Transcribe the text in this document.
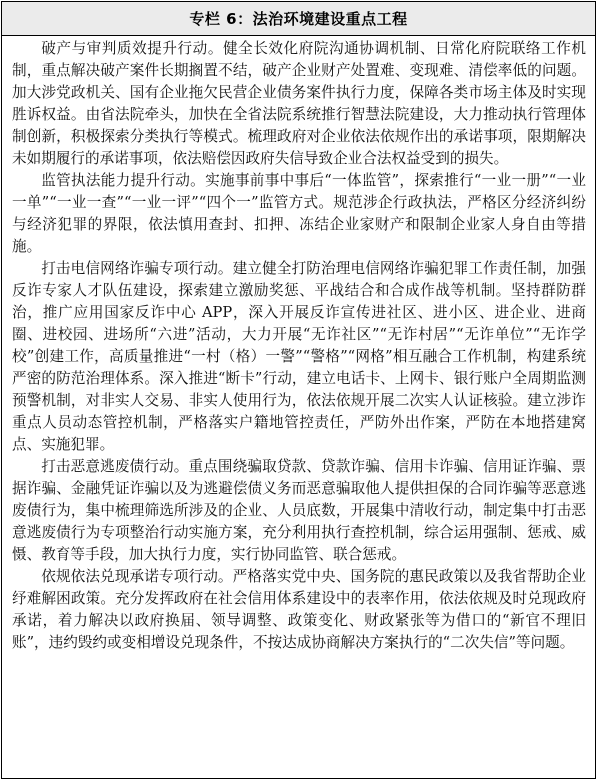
专栏 6：法治环境建设重点工程

破产与审判质效提升行动。健全长效化府院沟通协调机制、日常化府院联络工作机制，重点解决破产案件长期搁置不结，破产企业财产处置难、变现难、清偿率低的问题。加大涉党政机关、国有企业拖欠民营企业债务案件执行力度，保障各类市场主体及时实现胜诉权益。由省法院牵头，加快在全省法院系统推行智慧法院建设，大力推动执行管理体制创新，积极探索分类执行等模式。梳理政府对企业依法依规作出的承诺事项，限期解决未如期履行的承诺事项，依法赔偿因政府失信导致企业合法权益受到的损失。

监管执法能力提升行动。实施事前事中事后“一体监管”，探索推行“一业一册”“一业一单”“一业一查”“一业一评”“四个一”监管方式。规范涉企行政执法，严格区分经济纠纷与经济犯罪的界限，依法慎用查封、扣押、冻结企业家财产和限制企业家人身自由等措施。

打击电信网络诈骗专项行动。建立健全打防治理电信网络诈骗犯罪工作责任制，加强反诈专家人才队伍建设，探索建立激励奖惩、平战结合和合成作战等机制。坚持群防群治，推广应用国家反诈中心 APP，深入开展反诈宣传进社区、进小区、进企业、进商圈、进校园、进场所“六进”活动，大力开展“无诈社区”“无诈村居”“无诈单位”“无诈学校”创建工作，高质量推进“一村（格）一警”“警格”“网格”相互融合工作机制，构建系统严密的防范治理体系。深入推进“断卡”行动，建立电话卡、上网卡、银行账户全周期监测预警机制，对非实人交易、非实人使用行为，依法依规开展二次实人认证核验。建立涉诈重点人员动态管控机制，严格落实户籍地管控责任，严防外出作案，严防在本地搭建窝点、实施犯罪。

打击恶意逃废债行动。重点围绕骗取贷款、贷款诈骗、信用卡诈骗、信用证诈骗、票据诈骗、金融凭证诈骗以及为逃避偿债义务而恶意骗取他人提供担保的合同诈骗等恶意逃废债行为，集中梳理筛选所涉及的企业、人员底数，开展集中清收行动，制定集中打击恶意逃废债行为专项整治行动实施方案，充分利用执行查控机制，综合运用强制、惩戒、威慑、教育等手段，加大执行力度，实行协同监管、联合惩戒。

依规依法兑现承诺专项行动。严格落实党中央、国务院的惠民政策以及我省帮助企业纾难解困政策。充分发挥政府在社会信用体系建设中的表率作用，依法依规及时兑现政府承诺，着力解决以政府换届、领导调整、政策变化、财政紧张等为借口的“新官不理旧账”，违约毁约或变相增设兑现条件，不按达成协商解决方案执行的“二次失信”等问题。
